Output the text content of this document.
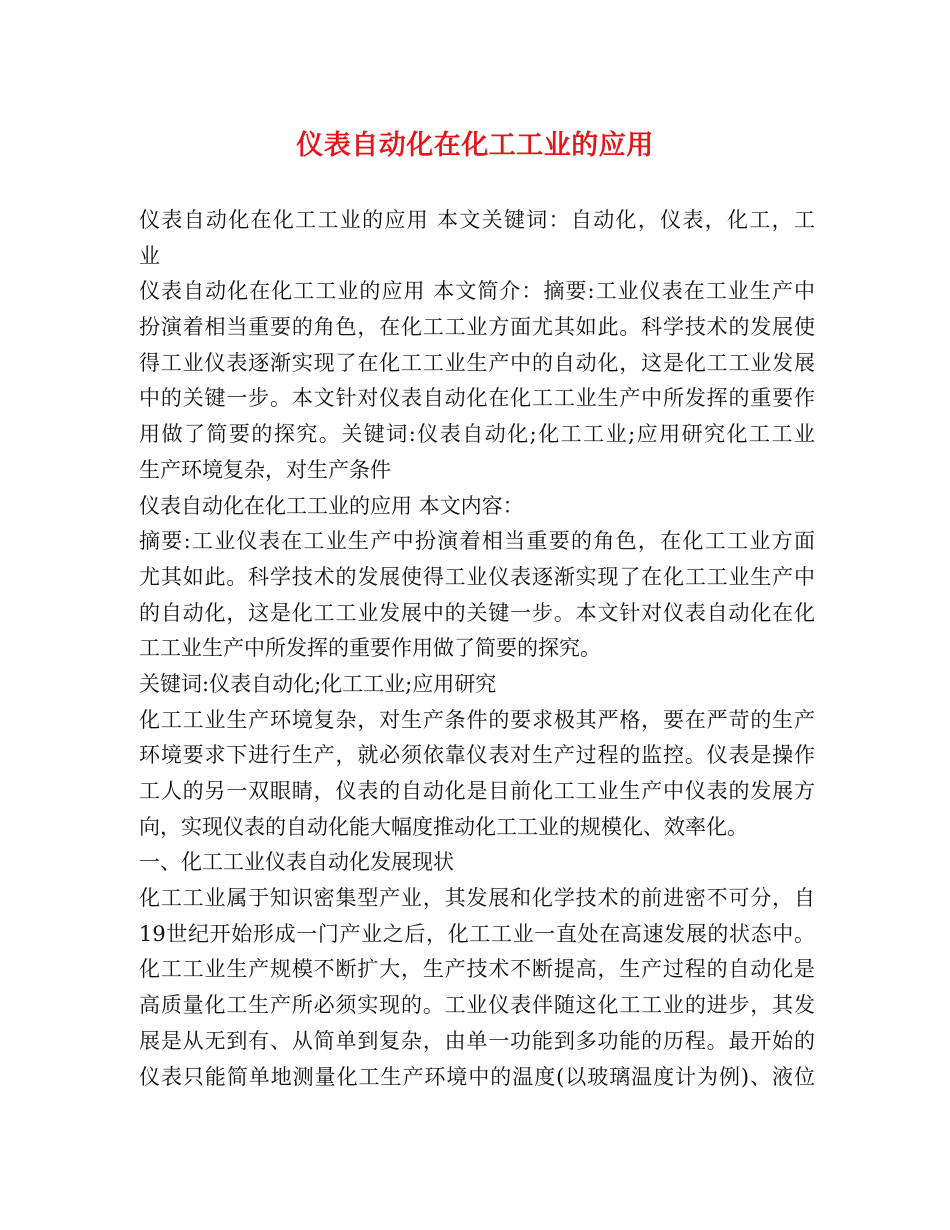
仪表自动化在化工工业的应用
仪表自动化在化工工业的应用 本文关键词：自动化，仪表，化工，工
业
仪表自动化在化工工业的应用 本文简介：摘要:工业仪表在工业生产中
扮演着相当重要的角色，在化工工业方面尤其如此。科学技术的发展使
得工业仪表逐渐实现了在化工工业生产中的自动化，这是化工工业发展
中的关键一步。本文针对仪表自动化在化工工业生产中所发挥的重要作
用做了简要的探究。关键词:仪表自动化;化工工业;应用研究化工工业
生产环境复杂，对生产条件
仪表自动化在化工工业的应用 本文内容：
摘要:工业仪表在工业生产中扮演着相当重要的角色，在化工工业方面
尤其如此。科学技术的发展使得工业仪表逐渐实现了在化工工业生产中
的自动化，这是化工工业发展中的关键一步。本文针对仪表自动化在化
工工业生产中所发挥的重要作用做了简要的探究。
关键词:仪表自动化;化工工业;应用研究
化工工业生产环境复杂，对生产条件的要求极其严格，要在严苛的生产
环境要求下进行生产，就必须依靠仪表对生产过程的监控。仪表是操作
工人的另一双眼睛，仪表的自动化是目前化工工业生产中仪表的发展方
向，实现仪表的自动化能大幅度推动化工工业的规模化、效率化。
一、化工工业仪表自动化发展现状
化工工业属于知识密集型产业，其发展和化学技术的前进密不可分，自
19世纪开始形成一门产业之后，化工工业一直处在高速发展的状态中。
化工工业生产规模不断扩大，生产技术不断提高，生产过程的自动化是
高质量化工生产所必须实现的。工业仪表伴随这化工工业的进步，其发
展是从无到有、从简单到复杂，由单一功能到多功能的历程。最开始的
仪表只能简单地测量化工生产环境中的温度(以玻璃温度计为例)、液位
